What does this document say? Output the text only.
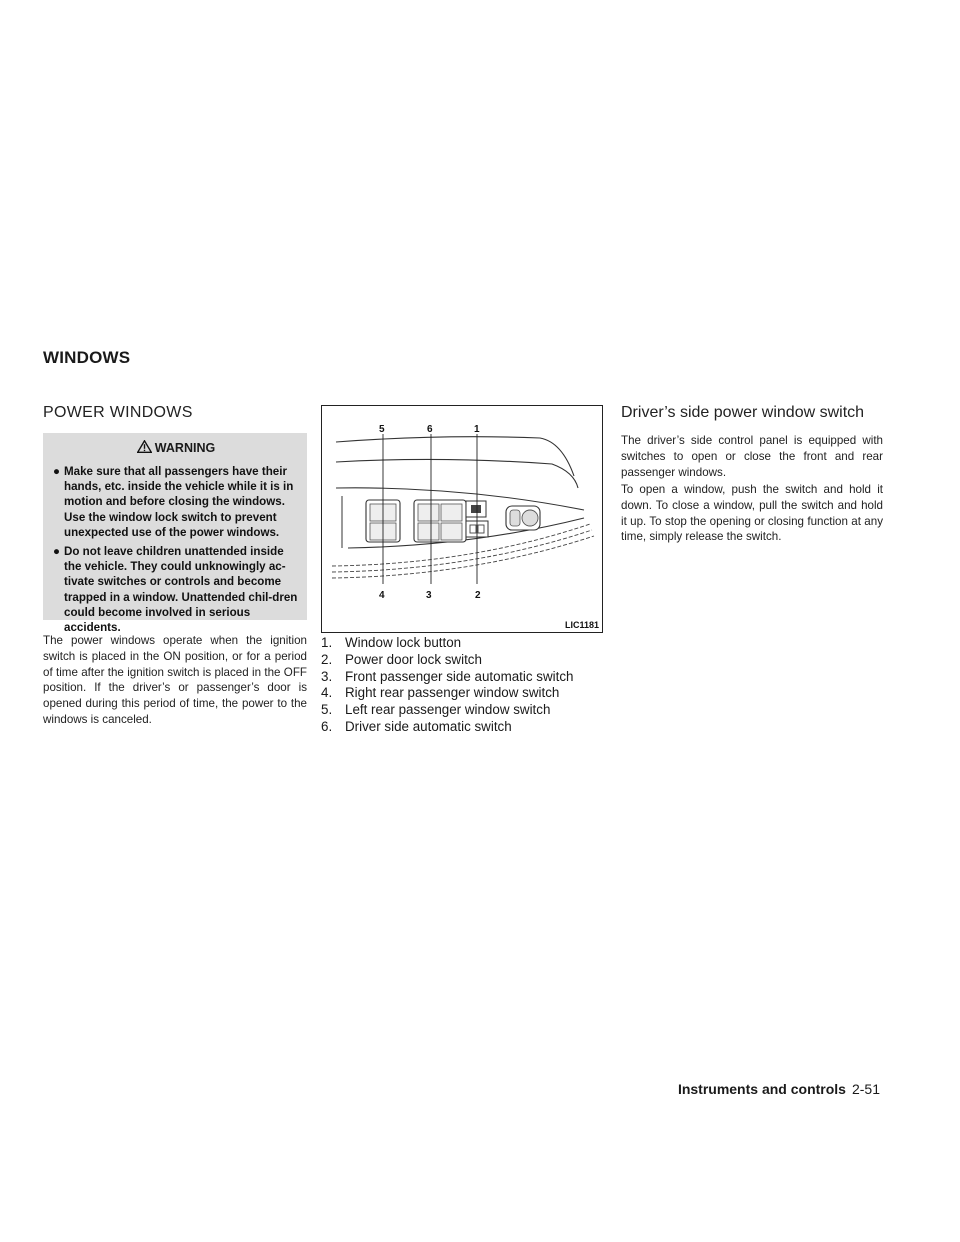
WINDOWS
POWER WINDOWS
WARNING
● Make sure that all passengers have their hands, etc. inside the vehicle while it is in motion and before closing the windows. Use the window lock switch to prevent unexpected use of the power windows.
● Do not leave children unattended inside the vehicle. They could unknowingly ac-tivate switches or controls and become trapped in a window. Unattended chil-dren could become involved in serious accidents.

The power windows operate when the ignition switch is placed in the ON position, or for a period of time after the ignition switch is placed in the OFF position. If the driver’s or passenger’s door is opened during this period of time, the power to the windows is canceled.

5	6	1
4	3	2
LIC1181
1. Window lock button
2. Power door lock switch
3. Front passenger side automatic switch
4. Right rear passenger window switch
5. Left rear passenger window switch
6. Driver side automatic switch
Driver’s side power window switch

The driver’s side control panel is equipped with switches to open or close the front and rear passenger windows.

To open a window, push the switch and hold it down. To close a window, pull the switch and hold it up. To stop the opening or closing function at any time, simply release the switch.

Instruments and controls 2-51
